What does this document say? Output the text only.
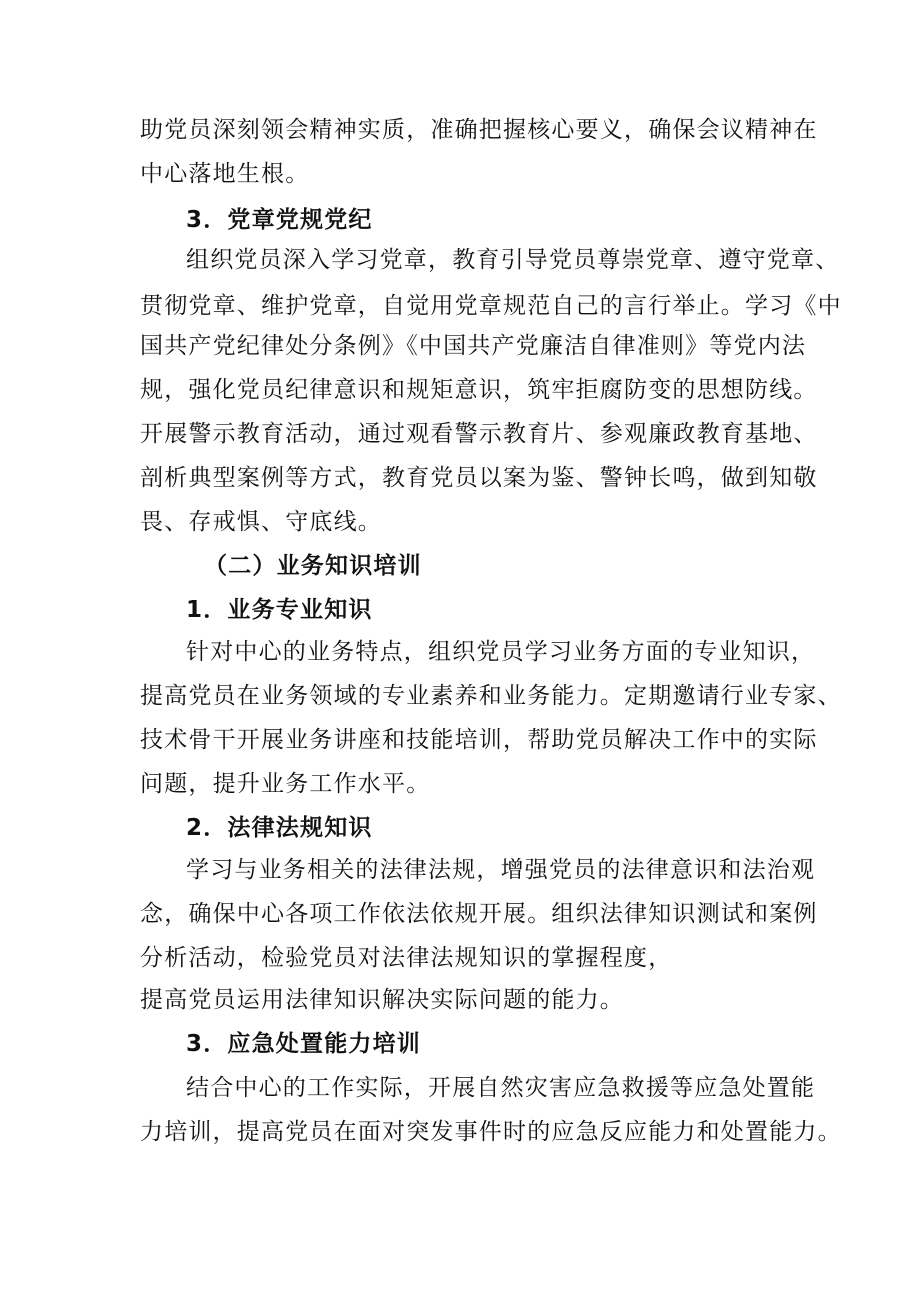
助党员深刻领会精神实质，准确把握核心要义，确保会议精神在
中心落地生根。
3．党章党规党纪
组织党员深入学习党章，教育引导党员尊崇党章、遵守党章、
贯彻党章、维护党章，自觉用党章规范自己的言行举止。学习《中
国共产党纪律处分条例》《中国共产党廉洁自律准则》等党内法
规，强化党员纪律意识和规矩意识，筑牢拒腐防变的思想防线。
开展警示教育活动，通过观看警示教育片、参观廉政教育基地、
剖析典型案例等方式，教育党员以案为鉴、警钟长鸣，做到知敬
畏、存戒惧、守底线。
（二）业务知识培训
1．业务专业知识
针对中心的业务特点，组织党员学习业务方面的专业知识，
提高党员在业务领域的专业素养和业务能力。定期邀请行业专家、
技术骨干开展业务讲座和技能培训，帮助党员解决工作中的实际
问题，提升业务工作水平。
2．法律法规知识
学习与业务相关的法律法规，增强党员的法律意识和法治观
念，确保中心各项工作依法依规开展。组织法律知识测试和案例
分析活动，检验党员对法律法规知识的掌握程度，
提高党员运用法律知识解决实际问题的能力。
3．应急处置能力培训
结合中心的工作实际，开展自然灾害应急救援等应急处置能
力培训，提高党员在面对突发事件时的应急反应能力和处置能力。
